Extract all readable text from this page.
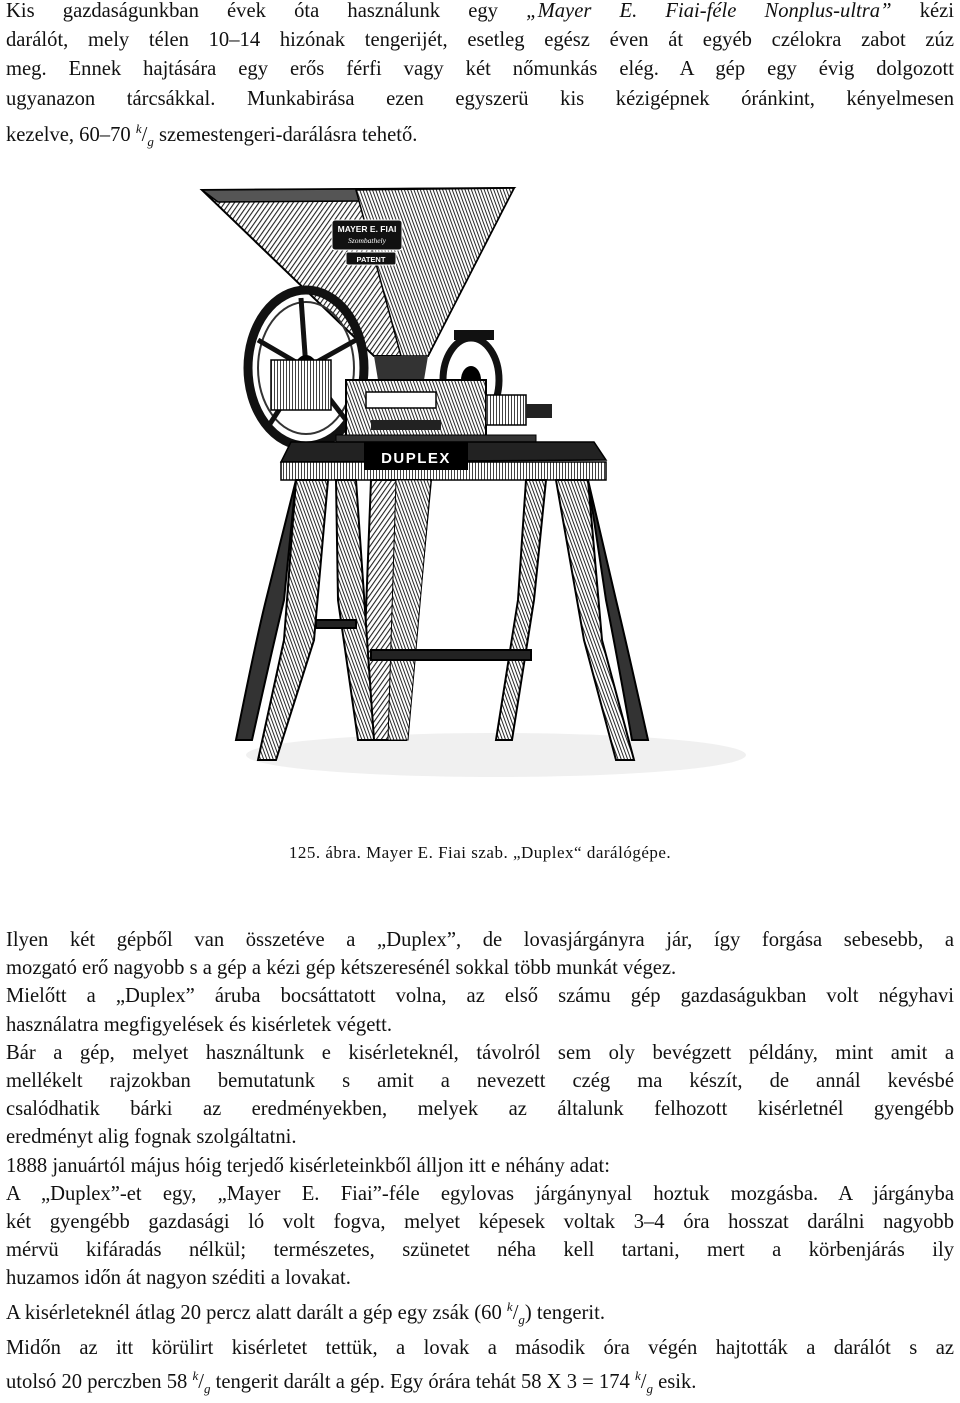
Kis gazdaságunkban évek óta használunk egy „Mayer E. Fiai-féle Nonplus-ultra” kézi
darálót, mely télen 10–14 hizónak tengerijét, esetleg egész éven át egyéb czélokra zabot zúz
meg. Ennek hajtására egy erős férfi vagy két nőmunkás elég. A gép egy évig dolgozott
ugyanazon tárcsákkal. Munkabirása ezen egyszerü kis kézigépnek óránkint, kényelmesen
kezelve, 60–70 $^k/_g$ szemestengeri-darálásra tehető.
MAYER E. FIAI
Szombathely
PATENT
DUPLEX
125. ábra. Mayer E. Fiai szab. „Duplex“ darálógépe.
Ilyen két gépből van összetéve a „Duplex”, de lovasjárgányra jár, így forgása sebesebb, a
mozgató erő nagyobb s a gép a kézi gép kétszeresénél sokkal több munkát végez.
Mielőtt a „Duplex” áruba bocsáttatott volna, az első számu gép gazdaságukban volt négyhavi
használatra megfigyelések és kisérletek végett.
Bár a gép, melyet használtunk e kisérleteknél, távolról sem oly bevégzett példány, mint amit a
mellékelt rajzokban bemutatunk s amit a nevezett czég ma készít, de annál kevésbé
csalódhatik bárki az eredményekben, melyek az általunk felhozott kisérletnél gyengébb
eredményt alig fognak szolgáltatni.
1888 januártól május hóig terjedő kisérleteinkből álljon itt e néhány adat:
A „Duplex”-et egy, „Mayer E. Fiai”-féle egylovas járgánynyal hoztuk mozgásba. A járgányba
két gyengébb gazdasági ló volt fogva, melyet képesek voltak 3–4 óra hosszat darálni nagyobb
mérvü kifáradás nélkül; természetes, szünetet néha kell tartani, mert a körbenjárás ily
huzamos időn át nagyon széditi a lovakat.
A kisérleteknél átlag 20 percz alatt darált a gép egy zsák (60 $^k/_g$) tengerit.
Midőn az itt körülirt kisérletet tettük, a lovak a második óra végén hajtották a darálót s az
utolsó 20 perczben 58 $^k/_g$ tengerit darált a gép. Egy órára tehát 58 X 3 = 174 $^k/_g$ esik.
